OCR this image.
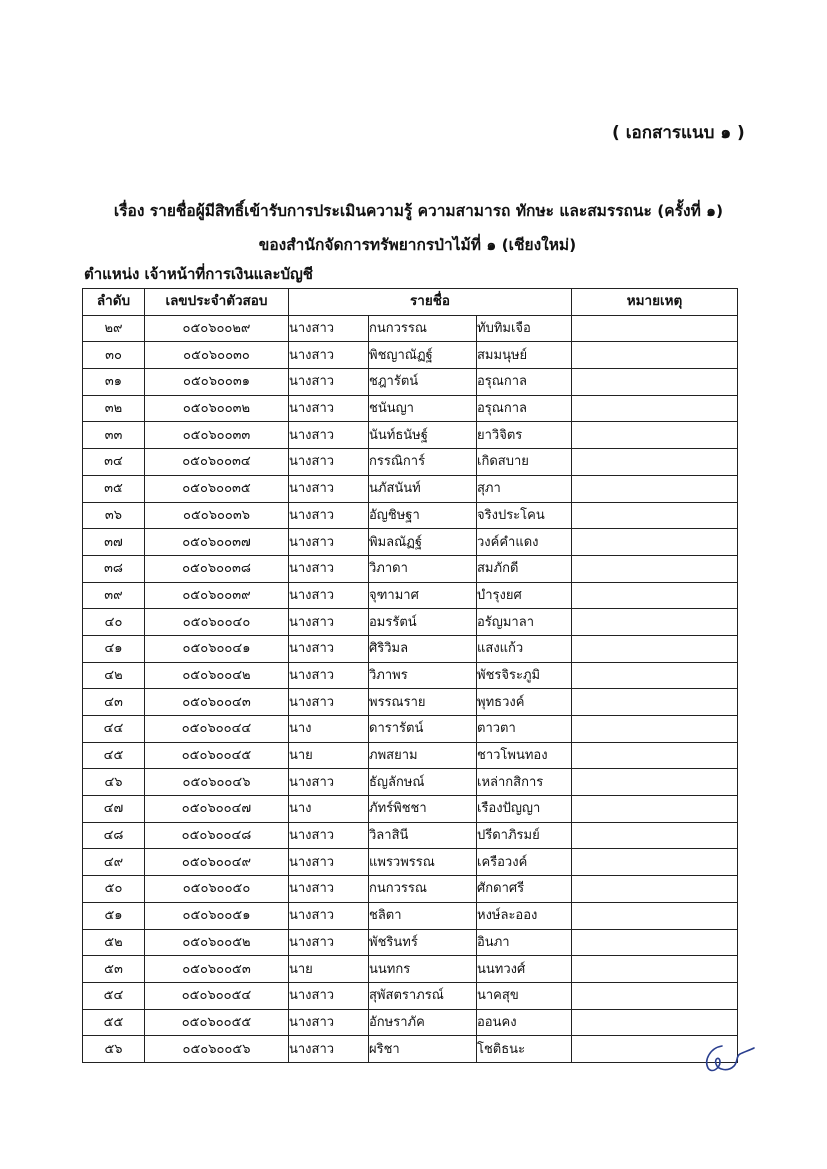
( เอกสารแนบ ๑ )
เรื่อง รายชื่อผู้มีสิทธิ์เข้ารับการประเมินความรู้ ความสามารถ ทักษะ และสมรรถนะ (ครั้งที่ ๑)
ของสำนักจัดการทรัพยากรป่าไม้ที่ ๑ (เชียงใหม่)
ตำแหน่ง เจ้าหน้าที่การเงินและบัญชี
ลำดับ	เลขประจำตัวสอบ	รายชื่อ			หมายเหตุ
๒๙	๐๕๐๖๐๐๒๙	นางสาว	กนกวรรณ	ทับทิมเจือ	
๓๐	๐๕๐๖๐๐๓๐	นางสาว	พิชญาณัฏฐ์	สมมนุษย์	
๓๑	๐๕๐๖๐๐๓๑	นางสาว	ชฎารัตน์	อรุณกาล	
๓๒	๐๕๐๖๐๐๓๒	นางสาว	ชนันญา	อรุณกาล	
๓๓	๐๕๐๖๐๐๓๓	นางสาว	นันท์ธนัษฐ์	ยาวิจิตร	
๓๔	๐๕๐๖๐๐๓๔	นางสาว	กรรณิการ์	เกิดสบาย	
๓๕	๐๕๐๖๐๐๓๕	นางสาว	นภัสนันท์	สุภา	
๓๖	๐๕๐๖๐๐๓๖	นางสาว	อัญชิษฐา	จริงประโคน	
๓๗	๐๕๐๖๐๐๓๗	นางสาว	พิมลณัฏฐ์	วงค์คำแดง	
๓๘	๐๕๐๖๐๐๓๘	นางสาว	วิภาดา	สมภักดี	
๓๙	๐๕๐๖๐๐๓๙	นางสาว	จุฑามาศ	บำรุงยศ	
๔๐	๐๕๐๖๐๐๔๐	นางสาว	อมรรัตน์	อรัญมาลา	
๔๑	๐๕๐๖๐๐๔๑	นางสาว	ศิริวิมล	แสงแก้ว	
๔๒	๐๕๐๖๐๐๔๒	นางสาว	วิภาพร	พัชรจิระภูมิ	
๔๓	๐๕๐๖๐๐๔๓	นางสาว	พรรณราย	พุทธวงค์	
๔๔	๐๕๐๖๐๐๔๔	นาง	ดารารัตน์	ตาวตา	
๔๕	๐๕๐๖๐๐๔๕	นาย	ภพสยาม	ชาวโพนทอง	
๔๖	๐๕๐๖๐๐๔๖	นางสาว	ธัญลักษณ์	เหล่ากสิการ	
๔๗	๐๕๐๖๐๐๔๗	นาง	ภัทร์พิชชา	เรืองปัญญา	
๔๘	๐๕๐๖๐๐๔๘	นางสาว	วิลาสินี	ปรีดาภิรมย์	
๔๙	๐๕๐๖๐๐๔๙	นางสาว	แพรวพรรณ	เครือวงค์	
๕๐	๐๕๐๖๐๐๕๐	นางสาว	กนกวรรณ	ศักดาศรี	
๕๑	๐๕๐๖๐๐๕๑	นางสาว	ชลิตา	หงษ์ละออง	
๕๒	๐๕๐๖๐๐๕๒	นางสาว	พัชรินทร์	อินภา	
๕๓	๐๕๐๖๐๐๕๓	นาย	นนทกร	นนทวงศ์	
๕๔	๐๕๐๖๐๐๕๔	นางสาว	สุพัสตราภรณ์	นาคสุข	
๕๕	๐๕๐๖๐๐๕๕	นางสาว	อักษราภัค	ออนคง	
๕๖	๐๕๐๖๐๐๕๖	นางสาว	ผริชา	โชติธนะ	
